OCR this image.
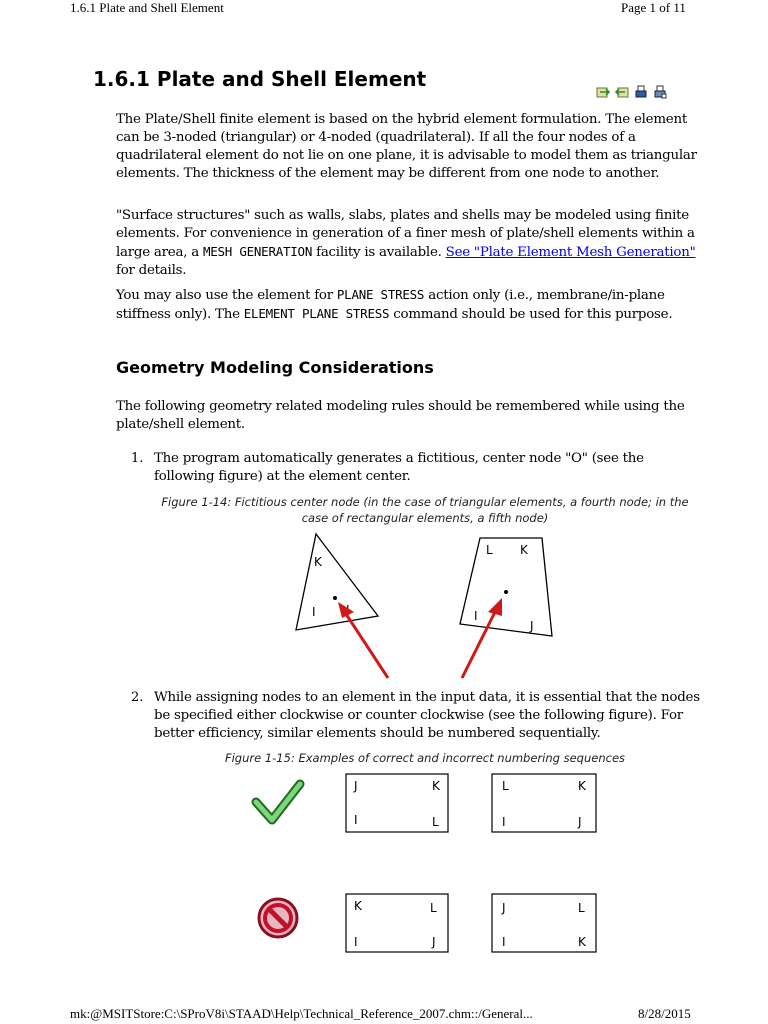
1.6.1 Plate and Shell Element	Page 1 of 11
1.6.1 Plate and Shell Element

The Plate/Shell finite element is based on the hybrid element formulation. The element can be 3-noded (triangular) or 4-noded (quadrilateral). If all the four nodes of a quadrilateral element do not lie on one plane, it is advisable to model them as triangular elements. The thickness of the element may be different from one node to another.

"Surface structures" such as walls, slabs, plates and shells may be modeled using finite elements. For convenience in generation of a finer mesh of plate/shell elements within a large area, a MESH GENERATION facility is available. See "Plate Element Mesh Generation" for details.

You may also use the element for PLANE STRESS action only (i.e., membrane/in-plane stiffness only). The ELEMENT PLANE STRESS command should be used for this purpose.

Geometry Modeling Considerations

The following geometry related modeling rules should be remembered while using the plate/shell element.

1. The program automatically generates a fictitious, center node "O" (see the following figure) at the element center.

Figure 1-14: Fictitious center node (in the case of triangular elements, a fourth node; in the case of rectangular elements, a fifth node)
K
I
L K
I
J
2. While assigning nodes to an element in the input data, it is essential that the nodes be specified either clockwise or counter clockwise (see the following figure). For better efficiency, similar elements should be numbered sequentially.

Figure 1-15: Examples of correct and incorrect numbering sequences
J	K
I	L
L	K
I	J
K	L
I	J
J	L
I	K
mk:@MSITStore:C:\SProV8i\STAAD\Help\Technical_Reference_2007.chm::/General...	8/28/2015
